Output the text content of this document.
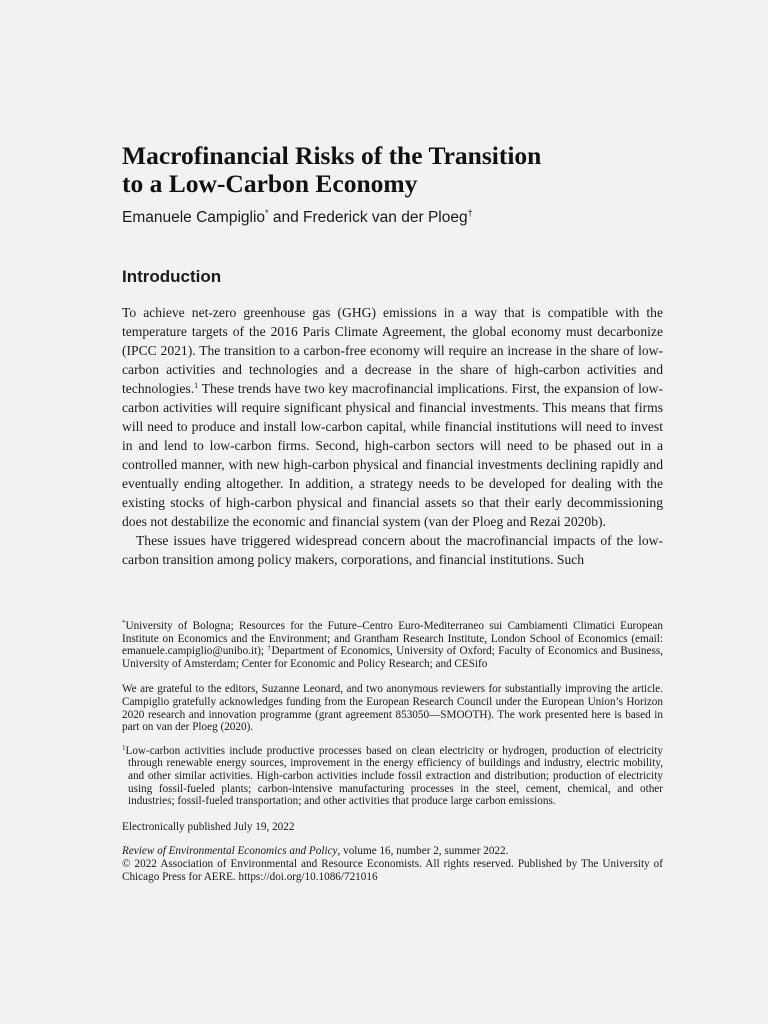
Macrofinancial Risks of the Transition
to a Low-Carbon Economy
Emanuele Campiglio* and Frederick van der Ploeg†
Introduction

To achieve net-zero greenhouse gas (GHG) emissions in a way that is compatible with the temperature targets of the 2016 Paris Climate Agreement, the global economy must decarbonize (IPCC 2021). The transition to a carbon-free economy will require an increase in the share of low-carbon activities and technologies and a decrease in the share of high-carbon activities and technologies.$^1$ These trends have two key macrofinancial implications. First, the expansion of low-carbon activities will require significant physical and financial investments. This means that firms will need to produce and install low-carbon capital, while financial institutions will need to invest in and lend to low-carbon firms. Second, high-carbon sectors will need to be phased out in a controlled manner, with new high-carbon physical and financial investments declining rapidly and eventually ending altogether. In addition, a strategy needs to be developed for dealing with the existing stocks of high-carbon physical and financial assets so that their early decommissioning does not destabilize the economic and financial system (van der Ploeg and Rezai 2020b).

These issues have triggered widespread concern about the macrofinancial impacts of the low-carbon transition among policy makers, corporations, and financial institutions. Such

*University of Bologna; Resources for the Future–Centro Euro-Mediterraneo sui Cambiamenti Climatici European Institute on Economics and the Environment; and Grantham Research Institute, London School of Economics (email: emanuele.campiglio@unibo.it); †Department of Economics, University of Oxford; Faculty of Economics and Business, University of Amsterdam; Center for Economic and Policy Research; and CESifo

We are grateful to the editors, Suzanne Leonard, and two anonymous reviewers for substantially improving the article. Campiglio gratefully acknowledges funding from the European Research Council under the European Union’s Horizon 2020 research and innovation programme (grant agreement 853050—SMOOTH). The work presented here is based in part on van der Ploeg (2020).

$^1$Low-carbon activities include productive processes based on clean electricity or hydrogen, production of electricity through renewable energy sources, improvement in the energy efficiency of buildings and industry, electric mobility, and other similar activities. High-carbon activities include fossil extraction and distribution; production of electricity using fossil-fueled plants; carbon-intensive manufacturing processes in the steel, cement, chemical, and other industries; fossil-fueled transportation; and other activities that produce large carbon emissions.

Electronically published July 19, 2022

Review of Environmental Economics and Policy, volume 16, number 2, summer 2022.

© 2022 Association of Environmental and Resource Economists. All rights reserved. Published by The University of Chicago Press for AERE. https://doi.org/10.1086/721016
